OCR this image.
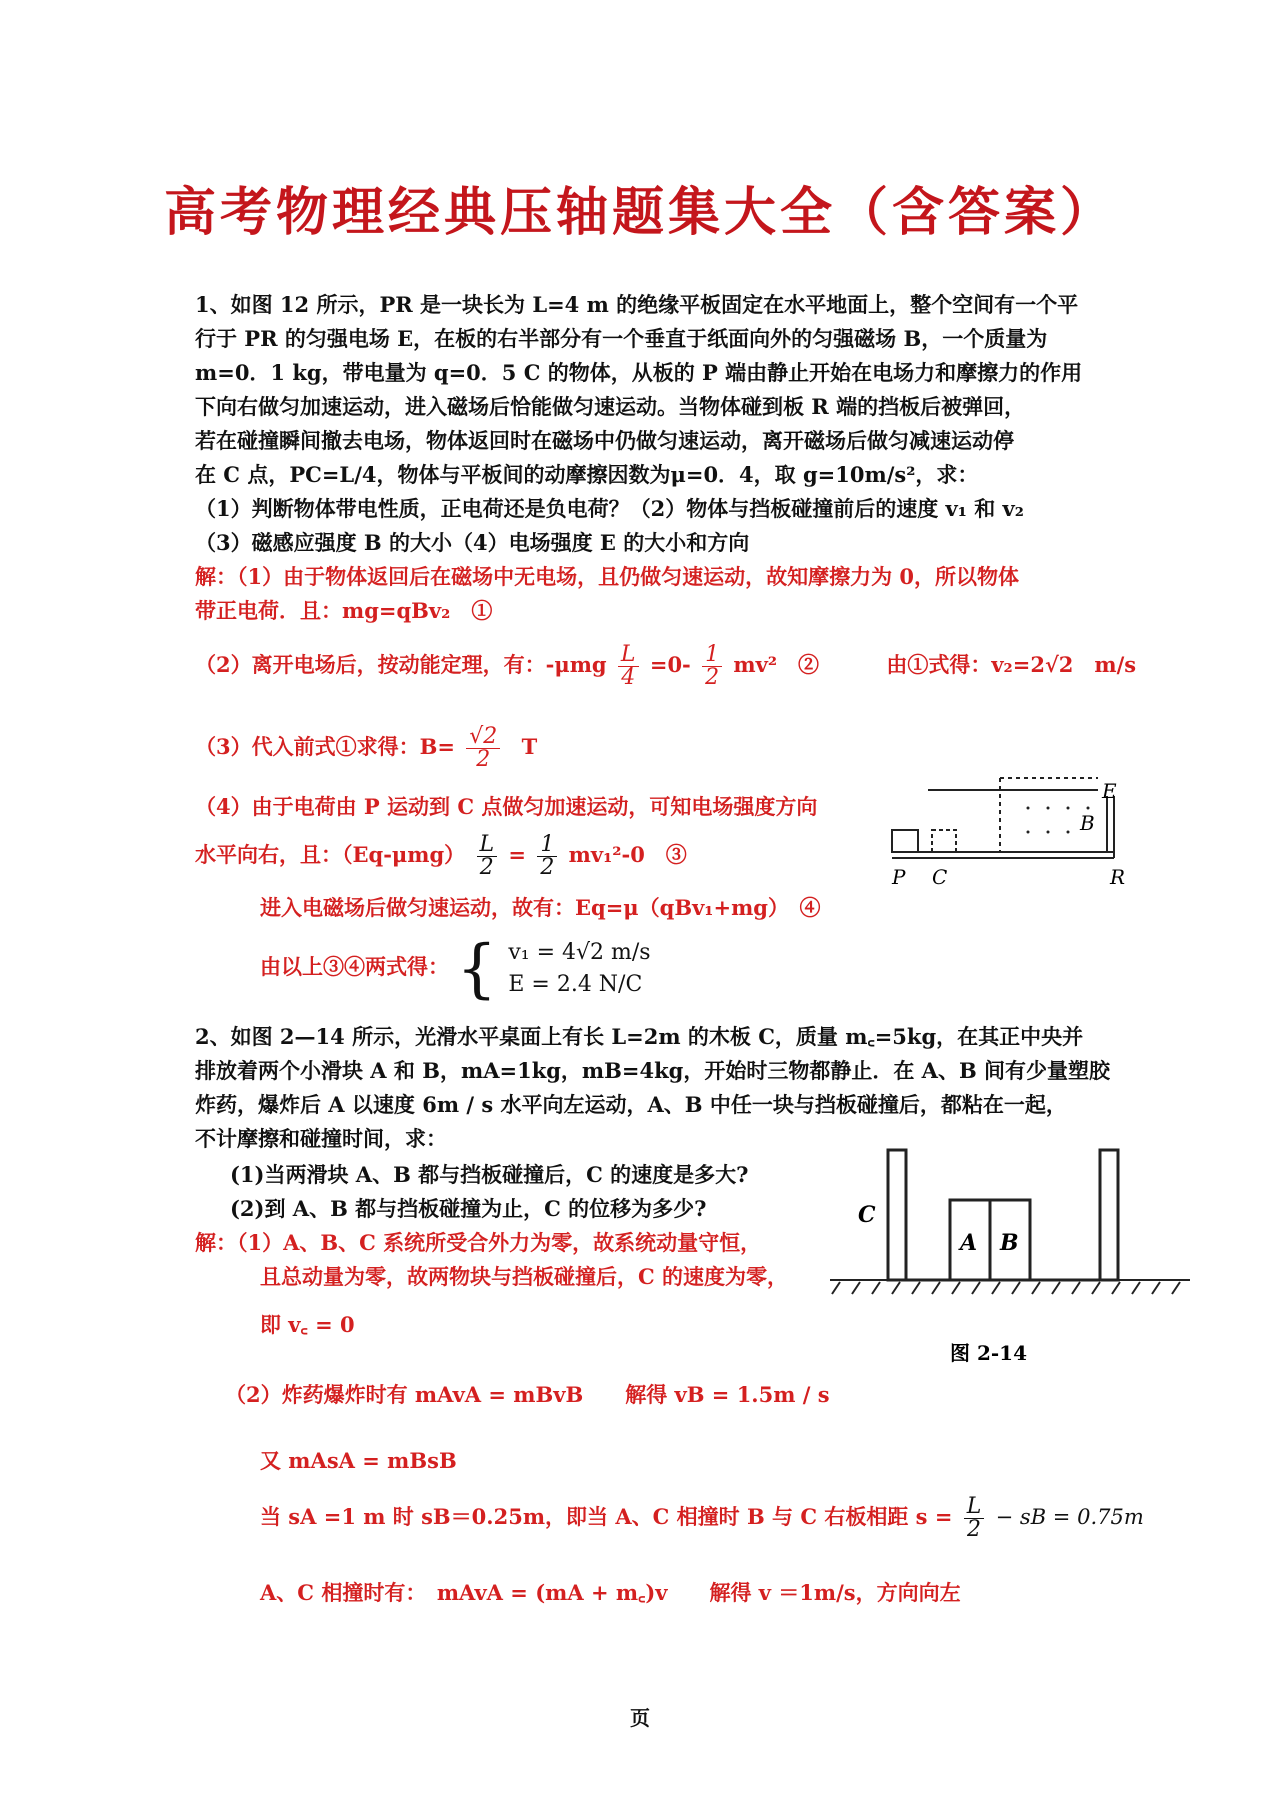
高考物理经典压轴题集大全（含答案）
1、如图 12 所示，PR 是一块长为 L=4 m 的绝缘平板固定在水平地面上，整个空间有一个平
行于 PR 的匀强电场 E，在板的右半部分有一个垂直于纸面向外的匀强磁场 B，一个质量为
m=0．1 kg，带电量为 q=0．5 C 的物体，从板的 P 端由静止开始在电场力和摩擦力的作用
下向右做匀加速运动，进入磁场后恰能做匀速运动。当物体碰到板 R 端的挡板后被弹回，
若在碰撞瞬间撤去电场，物体返回时在磁场中仍做匀速运动，离开磁场后做匀减速运动停
在 C 点，PC=L/4，物体与平板间的动摩擦因数为μ=0．4，取 g=10m/s²，求：
（1）判断物体带电性质，正电荷还是负电荷？（2）物体与挡板碰撞前后的速度 v₁ 和 v₂
（3）磁感应强度 B 的大小（4）电场强度 E 的大小和方向
解：（1）由于物体返回后在磁场中无电场，且仍做匀速运动，故知摩擦力为 0，所以物体
带正电荷．且：mg=qBv₂　①
（2）离开电场后，按动能定理，有：$-\mu mg \frac{L}{4} =0- \frac{1}{2} mv^2$　②	由①式得：v₂=2√2　m/s
（3）代入前式①求得：$B= \frac{√2}{2}$ T
（4）由于电荷由 P 运动到 C 点做匀加速运动，可知电场强度方向
水平向右，且：$(Eq-\mu mg) \frac{L}{2} = \frac{1}{2} mv_1^2-0$　③
进入电磁场后做匀速运动，故有：Eq=μ（qBv₁+mg）　④
由以上③④两式得： { v₁ = 4√2 m/s
E = 2.4 N/C
P C	R
E
B
2、如图 2—14 所示，光滑水平桌面上有长 L=2m 的木板 C，质量 m꜀=5kg，在其正中央并
排放着两个小滑块 A 和 B，mA=1kg，mB=4kg，开始时三物都静止．在 A、B 间有少量塑胶
炸药，爆炸后 A 以速度 6m / s 水平向左运动，A、B 中任一块与挡板碰撞后，都粘在一起，
不计摩擦和碰撞时间，求：
(1)当两滑块 A、B 都与挡板碰撞后，C 的速度是多大?
(2)到 A、B 都与挡板碰撞为止，C 的位移为多少?
解：（1）A、B、C 系统所受合外力为零，故系统动量守恒，
且总动量为零，故两物块与挡板碰撞后，C 的速度为零，
即 v꜀ = 0
（2）炸药爆炸时有 mAvA = mBvB　　解得 vB = 1.5m / s
又 mAsA = mBsB
当 sA =1 m 时 sB＝0.25m，即当 A、C 相撞时 B 与 C 右板相距 $s = \frac{L}{2}$ − sB = 0.75m
A、C 相撞时有：　mAvA = (mA + m꜀)v　　解得 v ＝1m/s，方向向左
C
A B
图 2-14
页
